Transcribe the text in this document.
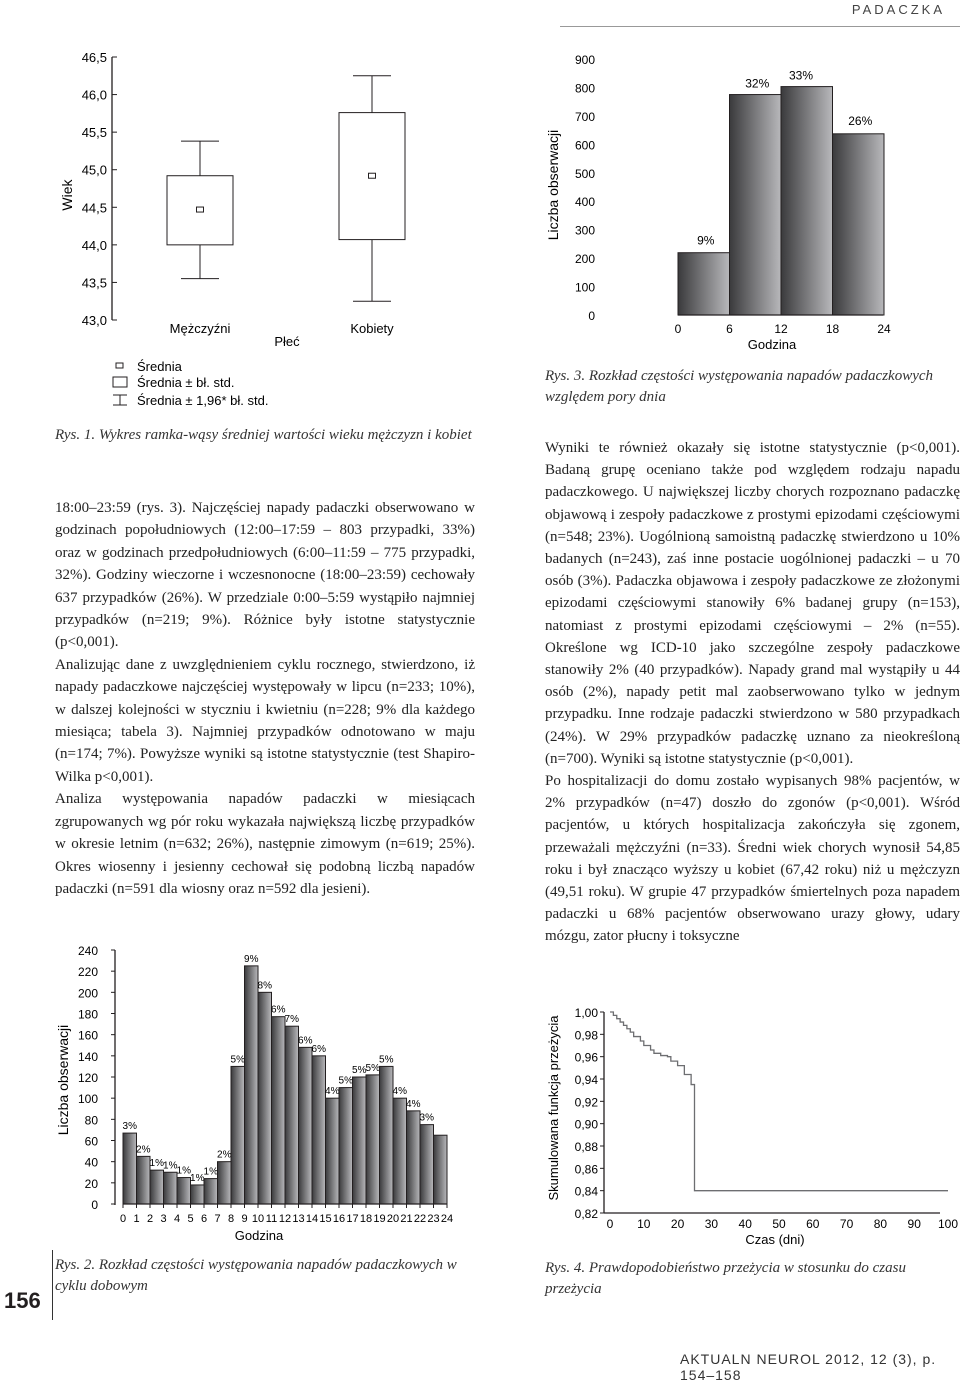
PADACZKA
Wiek
43,0
43,5
44,0
44,5
45,0
45,5
46,0
46,5
Mężczyźni	Kobiety
Płeć
Średnia
Średnia ± bł. std.
Średnia ± 1,96* bł. std.
Rys. 1. Wykres ramka-wąsy średniej wartości wieku mężczyzn i kobiet
Liczba obserwacji
0
100
200
300
400
500
600
700
800
900
9%
32%
33%
26%
0	6	12	18	24
Godzina
Rys. 3. Rozkład częstości występowania napadów padaczkowych względem pory dnia

18:00–23:59 (rys. 3). Najczęściej napady padaczki obserwowano w godzinach popołudniowych (12:00–17:59 – 803 przypadki, 33%) oraz w godzinach przedpołudniowych (6:00–11:59 – 775 przypadki, 32%). Godziny wieczorne i wczesnonocne (18:00–23:59) cechowały 637 przypadków (26%). W przedziale 0:00–5:59 wystąpiło najmniej przypadków (n=219; 9%). Różnice były istotne statystycznie (p<0,001).

Analizując dane z uwzględnieniem cyklu rocznego, stwierdzono, iż napady padaczkowe najczęściej występowały w lipcu (n=233; 10%), w dalszej kolejności w styczniu i kwietniu (n=228; 9% dla każdego miesiąca; tabela 3). Najmniej przypadków odnotowano w maju (n=174; 7%). Powyższe wyniki są istotne statystycznie (test Shapiro-Wilka p<0,001).

Analiza występowania napadów padaczki w miesiącach zgrupowanych wg pór roku wykazała największą liczbę przypadków w okresie letnim (n=632; 26%), następnie zimowym (n=619; 25%). Okres wiosenny i jesienny cechował się podobną liczbą napadów padaczki (n=591 dla wiosny oraz n=592 dla jesieni).

Wyniki te również okazały się istotne statystycznie (p<0,001). Badaną grupę oceniano także pod względem rodzaju napadu padaczkowego. U największej liczby chorych rozpoznano padaczkę objawową i zespoły padaczkowe z prostymi epizodami częściowymi (n=548; 23%). Uogólnioną samoistną padaczkę stwierdzono u 10% badanych (n=243), zaś inne postacie uogólnionej padaczki – u 70 osób (3%). Padaczka objawowa i zespoły padaczkowe ze złożonymi epizodami częściowymi stanowiły 6% badanej grupy (n=153), natomiast z prostymi epizodami częściowymi – 2% (n=55). Określone wg ICD-10 jako szczególne zespoły padaczkowe stanowiły 2% (40 przypadków). Napady grand mal wystąpiły u 44 osób (2%), napady petit mal zaobserwowano tylko w jednym przypadku. Inne rodzaje padaczki stwierdzono w 580 przypadkach (24%). W 29% przypadków padaczkę uznano za nieokreśloną (n=700). Wyniki są istotne statystycznie (p<0,001).

Po hospitalizacji do domu zostało wypisanych 98% pacjentów, w 2% przypadków (n=47) doszło do zgonów (p<0,001). Wśród pacjentów, u których hospitalizacja zakończyła się zgonem, przeważali mężczyźni (n=33). Średni wiek chorych wynosił 54,85 roku i był znacząco wyższy u kobiet (67,42 roku) niż u mężczyzn (49,51 roku). W grupie 47 przypadków śmiertelnych poza napadem padaczki u 68% pacjentów obserwowano urazy głowy, udary mózgu, zator płucny i toksyczne

Liczba obserwacji
0
20
40
60
80
100
120
140
160
180
200
220
240
3%
2%
1% 1% 1%
1%
1%
2%
5%
9%
8%
6%
7%
6%
6%
4%
5%
5% 5%
5%
4%
4%
3%
0 1 2 3 4 5 6 7 8 9 10 11 12 13 14 15 16 17 18 19 20 21 22 23 24
Godzina
Rys. 2. Rozkład częstości występowania napadów padaczkowych w cyklu dobowym
Skumulowana funkcja przeżycia
0,82
0,84
0,86
0,88
0,90
0,92
0,94
0,96
0,98
1,00
0 10 20 30 40 50 60 70 80 90 100
Czas (dni)
Rys. 4. Prawdopodobieństwo przeżycia w stosunku do czasu przeżycia
156
AKTUALN NEUROL 2012, 12 (3), p. 154–158
